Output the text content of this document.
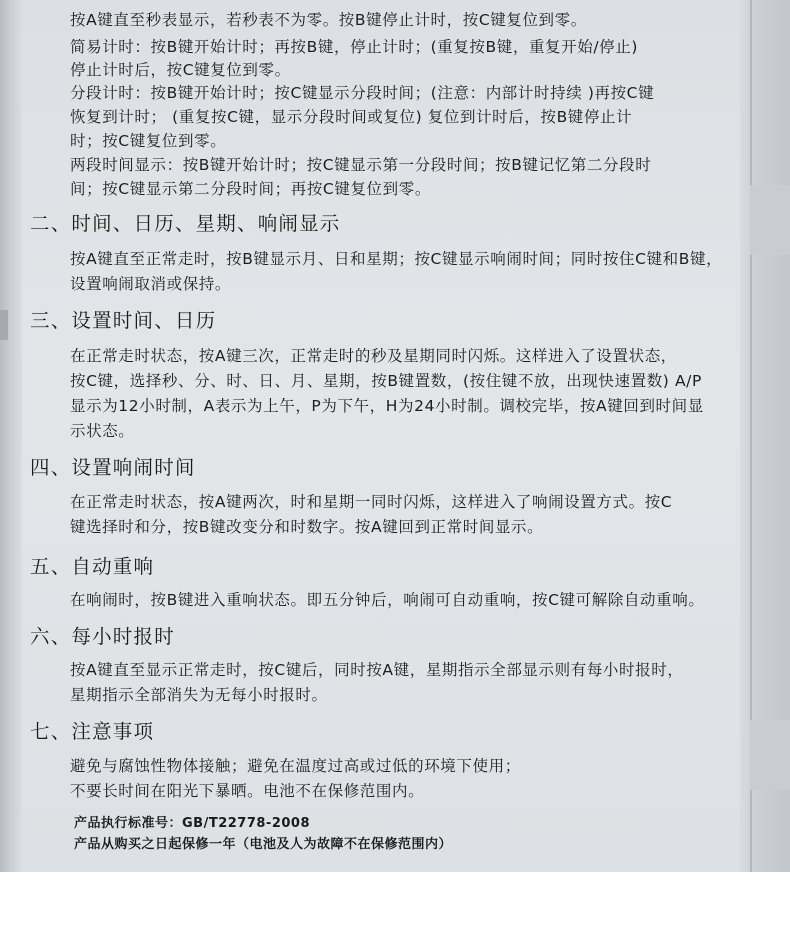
按A键直至秒表显示，若秒表不为零。按B键停止计时，按C键复位到零。
简易计时：按B键开始计时；再按B键，停止计时；(重复按B键，重复开始/停止)
停止计时后，按C键复位到零。
分段计时：按B键开始计时；按C键显示分段时间；(注意：内部计时持续 )再按C键
恢复到计时； (重复按C键，显示分段时间或复位) 复位到计时后，按B键停止计
时；按C键复位到零。
两段时间显示：按B键开始计时；按C键显示第一分段时间；按B键记忆第二分段时
间；按C键显示第二分段时间；再按C键复位到零。
二、时间、日历、星期、响闹显示
按A键直至正常走时，按B键显示月、日和星期；按C键显示响闹时间；同时按住C键和B键，
设置响闹取消或保持。
三、设置时间、日历
在正常走时状态，按A键三次，正常走时的秒及星期同时闪烁。这样进入了设置状态，
按C键，选择秒、分、时、日、月、星期，按B键置数，(按住键不放，出现快速置数) A/P
显示为12小时制，A表示为上午，P为下午，H为24小时制。调校完毕，按A键回到时间显
示状态。
四、设置响闹时间
在正常走时状态，按A键两次，时和星期一同时闪烁，这样进入了响闹设置方式。按C
键选择时和分，按B键改变分和时数字。按A键回到正常时间显示。
五、自动重响
在响闹时，按B键进入重响状态。即五分钟后，响闹可自动重响，按C键可解除自动重响。
六、每小时报时
按A键直至显示正常走时，按C键后，同时按A键，星期指示全部显示则有每小时报时，
星期指示全部消失为无每小时报时。
七、注意事项
避免与腐蚀性物体接触；避免在温度过高或过低的环境下使用；
不要长时间在阳光下暴晒。电池不在保修范围内。
产品执行标准号：GB/T22778-2008
产品从购买之日起保修一年（电池及人为故障不在保修范围内）
